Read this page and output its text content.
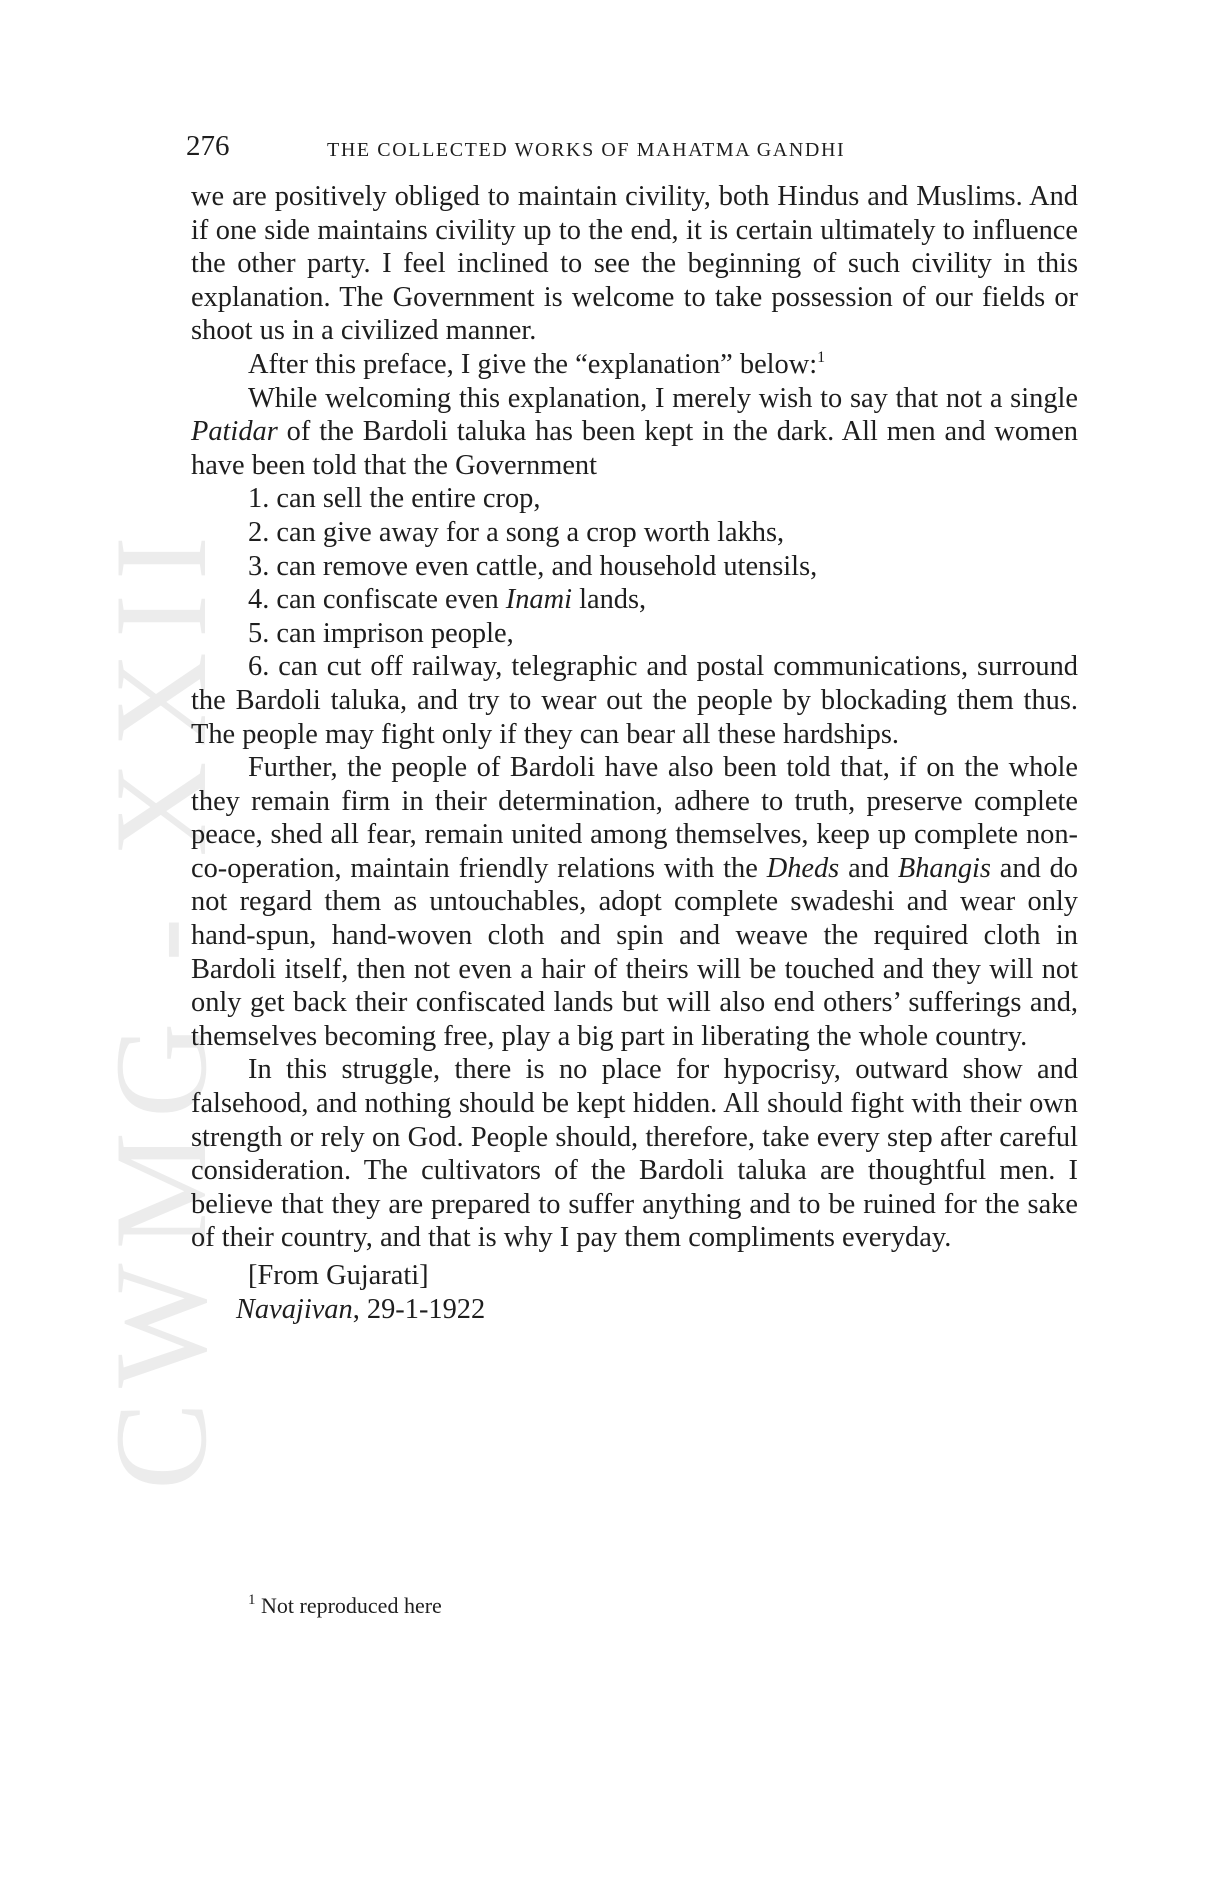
CWMG - XXII
276	THE COLLECTED WORKS OF MAHATMA GANDHI

we are positively obliged to maintain civility, both Hindus and Muslims. And if one side maintains civility up to the end, it is certain ultimately to influence the other party. I feel inclined to see the beginning of such civility in this explanation. The Government is welcome to take possession of our fields or shoot us in a civilized manner.

After this preface, I give the “explanation” below:$^1$

While welcoming this explanation, I merely wish to say that not a single Patidar of the Bardoli taluka has been kept in the dark. All men and women have been told that the Government

1. can sell the entire crop,

2. can give away for a song a crop worth lakhs,

3. can remove even cattle, and household utensils,

4. can confiscate even Inami lands,

5. can imprison people,

6. can cut off railway, telegraphic and postal communications, surround the Bardoli taluka, and try to wear out the people by blockading them thus. The people may fight only if they can bear all these hardships.

Further, the people of Bardoli have also been told that, if on the whole they remain firm in their determination, adhere to truth, preserve complete peace, shed all fear, remain united among themselves, keep up complete non-co-operation, maintain friendly relations with the Dheds and Bhangis and do not regard them as untouchables, adopt complete swadeshi and wear only hand-spun, hand-woven cloth and spin and weave the required cloth in Bardoli itself, then not even a hair of theirs will be touched and they will not only get back their confiscated lands but will also end others’ sufferings and, themselves becoming free, play a big part in liberating the whole country.

In this struggle, there is no place for hypocrisy, outward show and falsehood, and nothing should be kept hidden. All should fight with their own strength or rely on God. People should, therefore, take every step after careful consideration. The cultivators of the Bardoli taluka are thoughtful men. I believe that they are prepared to suffer anything and to be ruined for the sake of their country, and that is why I pay them compliments everyday.

[From Gujarati]

Navajivan, 29-1-1922

$^1$ Not reproduced here
